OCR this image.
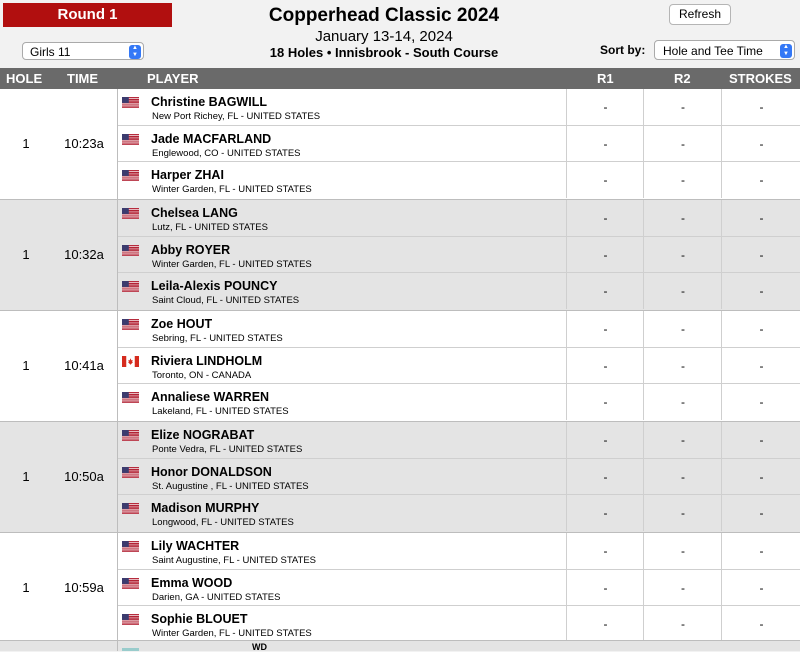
Round 1	Copperhead Classic 2024
January 13-14, 2024
18 Holes • Innisbrook - South Course
Refresh
Girls 11	▲
▼	Sort by:	Hole and Tee Time	▲
▼
HOLE TIME	PLAYER	R1	R2	STROKES
1	10:23a
Christine BAGWILL
New Port Richey, FL - UNITED STATES
-	-	-
Jade MACFARLAND
Englewood, CO - UNITED STATES
-	-	-
Harper ZHAI
Winter Garden, FL - UNITED STATES
-	-	-
1	10:32a
Chelsea LANG
Lutz, FL - UNITED STATES
-	-	-
Abby ROYER
Winter Garden, FL - UNITED STATES
-	-	-
Leila-Alexis POUNCY
Saint Cloud, FL - UNITED STATES
-	-	-
1	10:41a
Zoe HOUT
Sebring, FL - UNITED STATES
-	-	-
Riviera LINDHOLM
Toronto, ON - CANADA
-	-	-
Annaliese WARREN
Lakeland, FL - UNITED STATES
-	-	-
1	10:50a
Elize NOGRABAT
Ponte Vedra, FL - UNITED STATES
-	-	-
Honor DONALDSON
St. Augustine , FL - UNITED STATES
-	-	-
Madison MURPHY
Longwood, FL - UNITED STATES
-	-	-
1	10:59a
Lily WACHTER
Saint Augustine, FL - UNITED STATES
-	-	-
Emma WOOD
Darien, GA - UNITED STATES
-	-	-
Sophie BLOUET
Winter Garden, FL - UNITED STATES
-	-	-
WD
